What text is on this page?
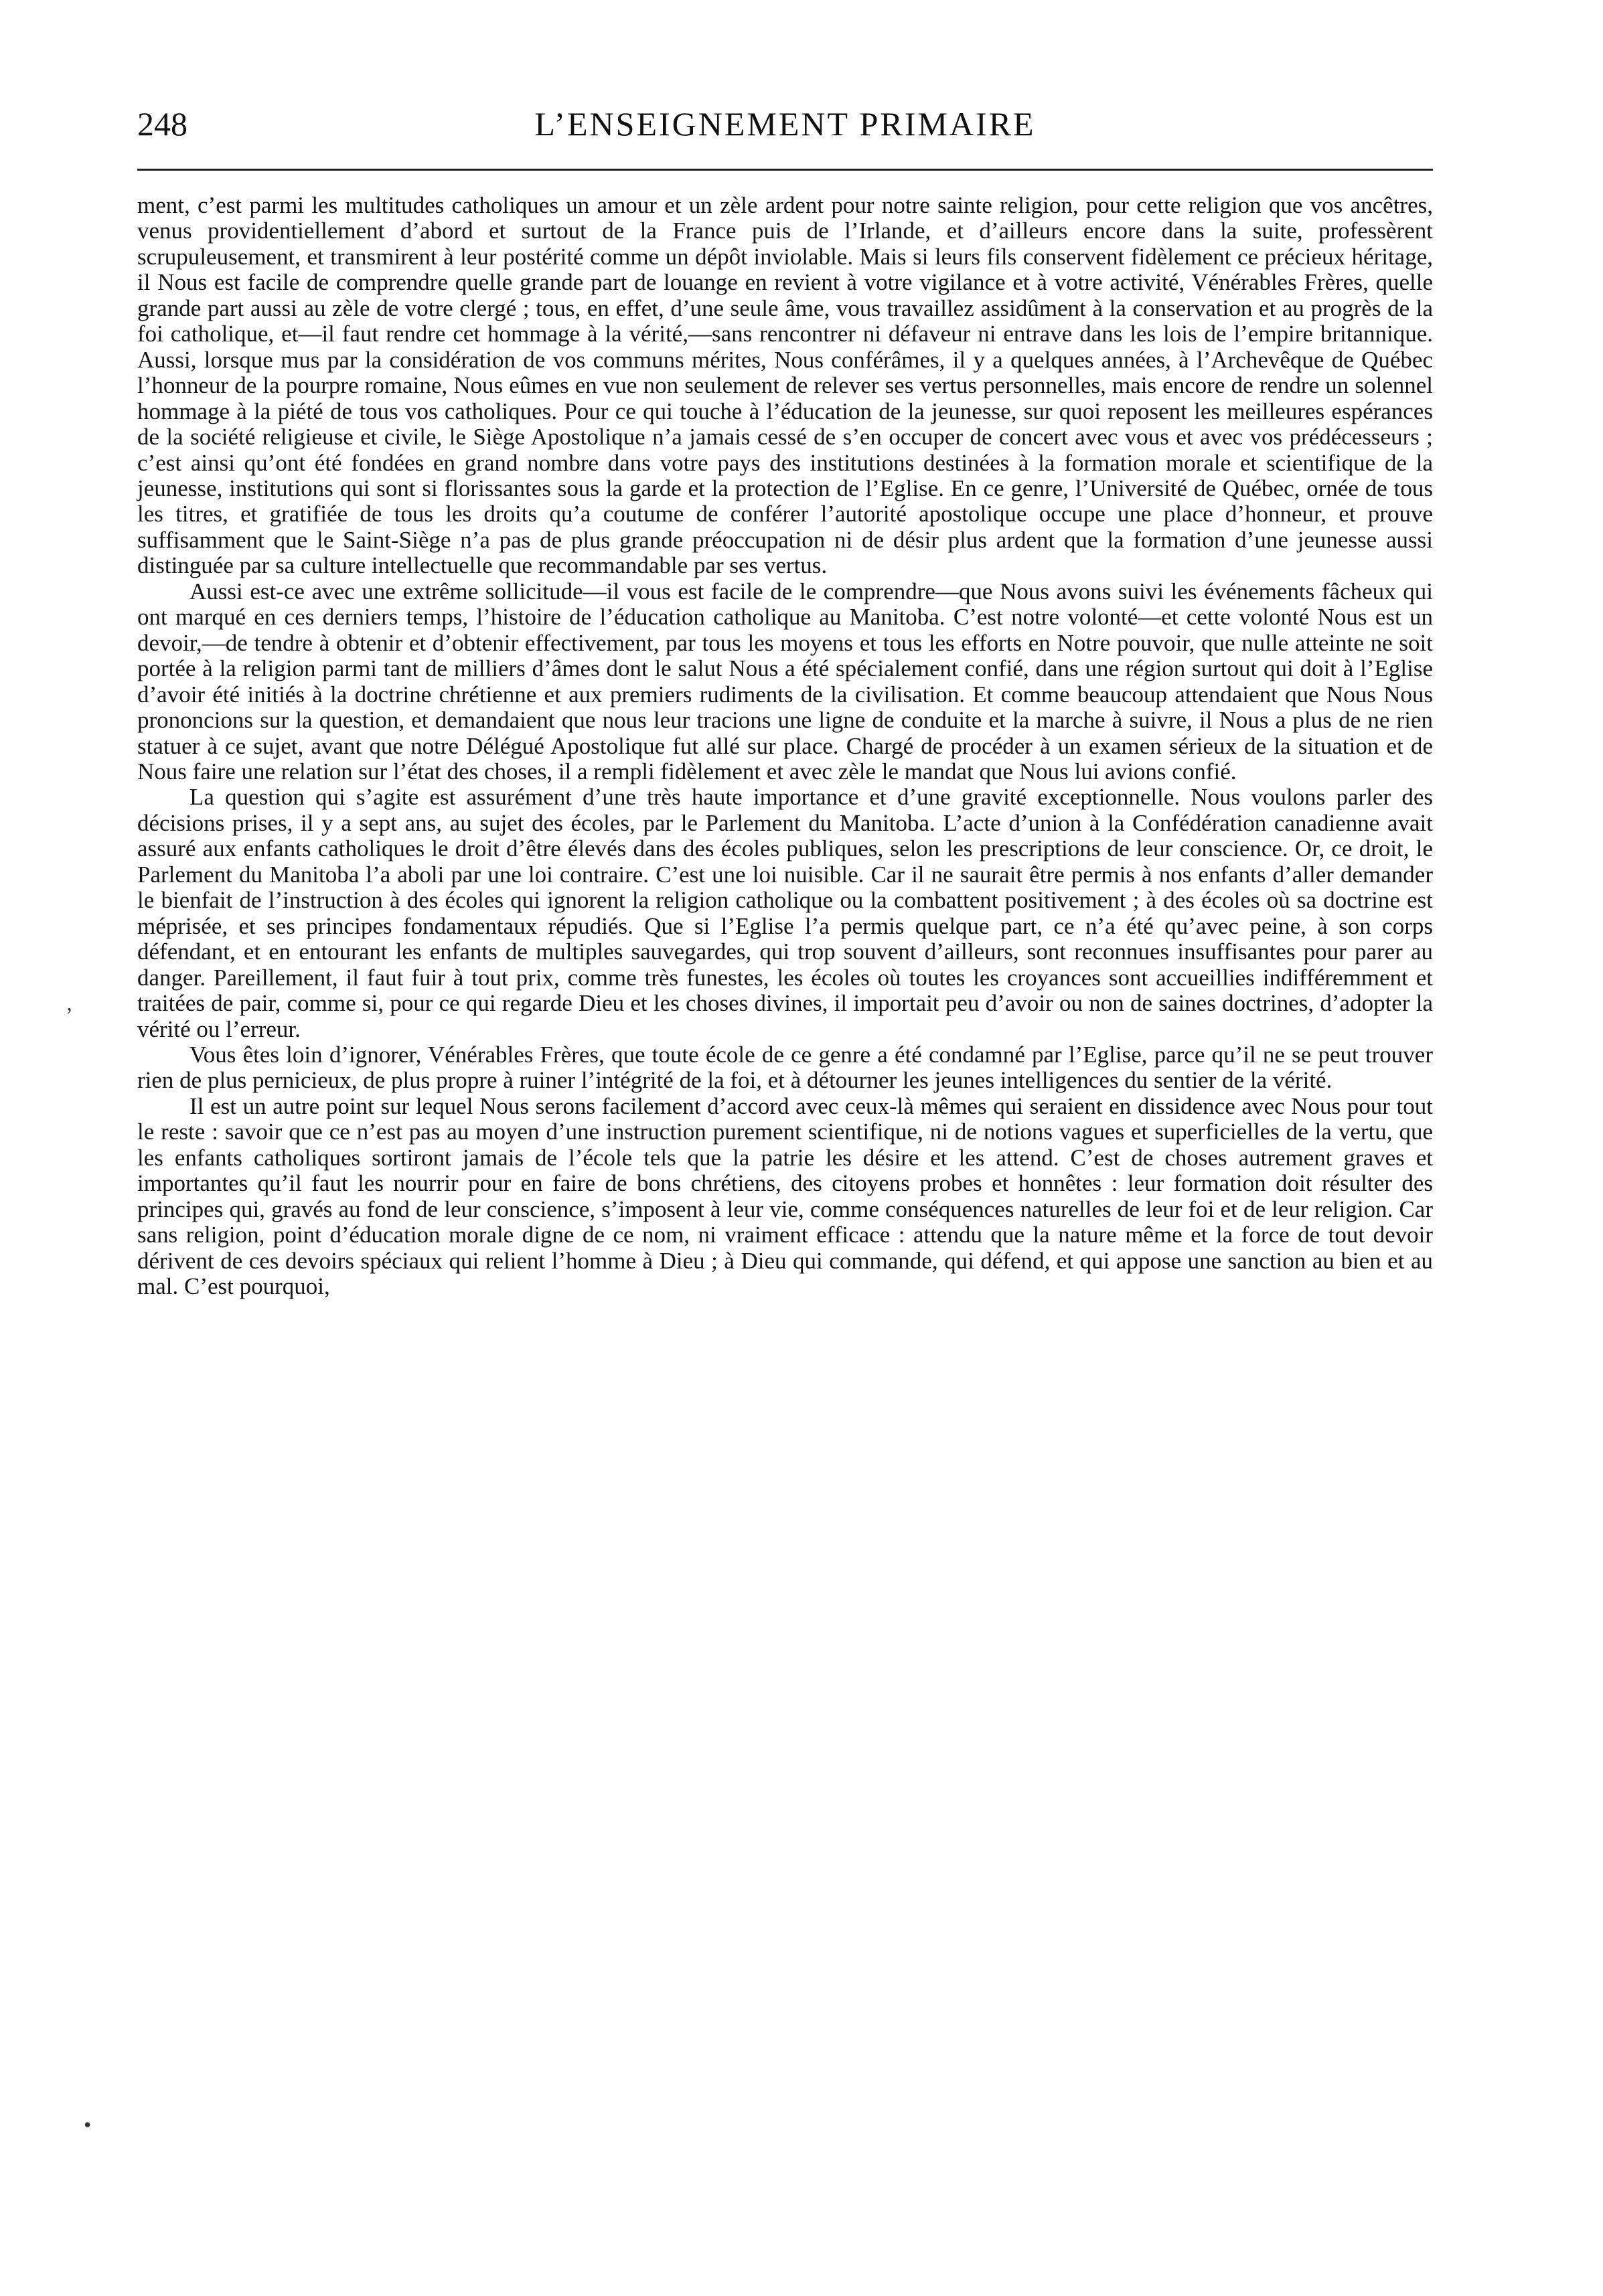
248	L’ENSEIGNEMENT PRIMAIRE
’
•

ment, c’est parmi les multitudes catholiques un amour et un zèle ardent pour notre sainte religion, pour cette religion que vos ancêtres, venus providentiellement d’abord et surtout de la France puis de l’Irlande, et d’ailleurs encore dans la suite, professèrent scrupuleusement, et transmirent à leur postérité comme un dépôt inviolable. Mais si leurs fils conservent fidèlement ce précieux héritage, il Nous est facile de comprendre quelle grande part de louange en revient à votre vigilance et à votre activité, Vénérables Frères, quelle grande part aussi au zèle de votre clergé ; tous, en effet, d’une seule âme, vous travaillez assidûment à la conservation et au progrès de la foi catholique, et—il faut rendre cet hommage à la vérité,—sans rencontrer ni défaveur ni entrave dans les lois de l’empire britannique. Aussi, lorsque mus par la considération de vos communs mérites, Nous conférâmes, il y a quelques années, à l’Archevêque de Québec l’honneur de la pourpre romaine, Nous eûmes en vue non seulement de relever ses vertus personnelles, mais encore de rendre un solennel hommage à la piété de tous vos catholiques. Pour ce qui touche à l’éducation de la jeunesse, sur quoi reposent les meilleures espérances de la société religieuse et civile, le Siège Apostolique n’a jamais cessé de s’en occuper de concert avec vous et avec vos prédécesseurs ; c’est ainsi qu’ont été fondées en grand nombre dans votre pays des institutions destinées à la formation morale et scientifique de la jeunesse, institutions qui sont si florissantes sous la garde et la protection de l’Eglise. En ce genre, l’Université de Québec, ornée de tous les titres, et gratifiée de tous les droits qu’a coutume de conférer l’autorité apostolique occupe une place d’honneur, et prouve suffisamment que le Saint-Siège n’a pas de plus grande préoccupation ni de désir plus ardent que la formation d’une jeunesse aussi distinguée par sa culture intellectuelle que recommandable par ses vertus.

Aussi est-ce avec une extrême sollicitude—il vous est facile de le comprendre—que Nous avons suivi les événements fâcheux qui ont marqué en ces derniers temps, l’histoire de l’éducation catholique au Manitoba. C’est notre volonté—et cette volonté Nous est un devoir,—de tendre à obtenir et d’obtenir effectivement, par tous les moyens et tous les efforts en Notre pouvoir, que nulle atteinte ne soit portée à la religion parmi tant de milliers d’âmes dont le salut Nous a été spécialement confié, dans une région surtout qui doit à l’Eglise d’avoir été initiés à la doctrine chrétienne et aux premiers rudiments de la civilisation. Et comme beaucoup attendaient que Nous Nous prononcions sur la question, et demandaient que nous leur tracions une ligne de conduite et la marche à suivre, il Nous a plus de ne rien statuer à ce sujet, avant que notre Délégué Apostolique fut allé sur place. Chargé de procéder à un examen sérieux de la situation et de Nous faire une relation sur l’état des choses, il a rempli fidèlement et avec zèle le mandat que Nous lui avions confié.

La question qui s’agite est assurément d’une très haute importance et d’une gravité exceptionnelle. Nous voulons parler des décisions prises, il y a sept ans, au sujet des écoles, par le Parlement du Manitoba. L’acte d’union à la Confédération canadienne avait assuré aux enfants catholiques le droit d’être élevés dans des écoles publiques, selon les prescriptions de leur conscience. Or, ce droit, le Parlement du Manitoba l’a aboli par une loi contraire. C’est une loi nuisible. Car il ne saurait être permis à nos enfants d’aller demander le bienfait de l’instruction à des écoles qui ignorent la religion catholique ou la combattent positivement ; à des écoles où sa doctrine est méprisée, et ses principes fondamentaux répudiés. Que si l’Eglise l’a permis quelque part, ce n’a été qu’avec peine, à son corps défendant, et en entourant les enfants de multiples sauvegardes, qui trop souvent d’ailleurs, sont reconnues insuffisantes pour parer au danger. Pareillement, il faut fuir à tout prix, comme très funestes, les écoles où toutes les croyances sont accueillies indifféremment et traitées de pair, comme si, pour ce qui regarde Dieu et les choses divines, il importait peu d’avoir ou non de saines doctrines, d’adopter la vérité ou l’erreur.

Vous êtes loin d’ignorer, Vénérables Frères, que toute école de ce genre a été condamné par l’Eglise, parce qu’il ne se peut trouver rien de plus pernicieux, de plus propre à ruiner l’intégrité de la foi, et à détourner les jeunes intelligences du sentier de la vérité.

Il est un autre point sur lequel Nous serons facilement d’accord avec ceux-là mêmes qui seraient en dissidence avec Nous pour tout le reste : savoir que ce n’est pas au moyen d’une instruction purement scientifique, ni de notions vagues et superficielles de la vertu, que les enfants catholiques sortiront jamais de l’école tels que la patrie les désire et les attend. C’est de choses autrement graves et importantes qu’il faut les nourrir pour en faire de bons chrétiens, des citoyens probes et honnêtes : leur formation doit résulter des principes qui, gravés au fond de leur conscience, s’imposent à leur vie, comme conséquences naturelles de leur foi et de leur religion. Car sans religion, point d’éducation morale digne de ce nom, ni vraiment efficace : attendu que la nature même et la force de tout devoir dérivent de ces devoirs spéciaux qui relient l’homme à Dieu ; à Dieu qui commande, qui défend, et qui appose une sanction au bien et au mal. C’est pourquoi,
